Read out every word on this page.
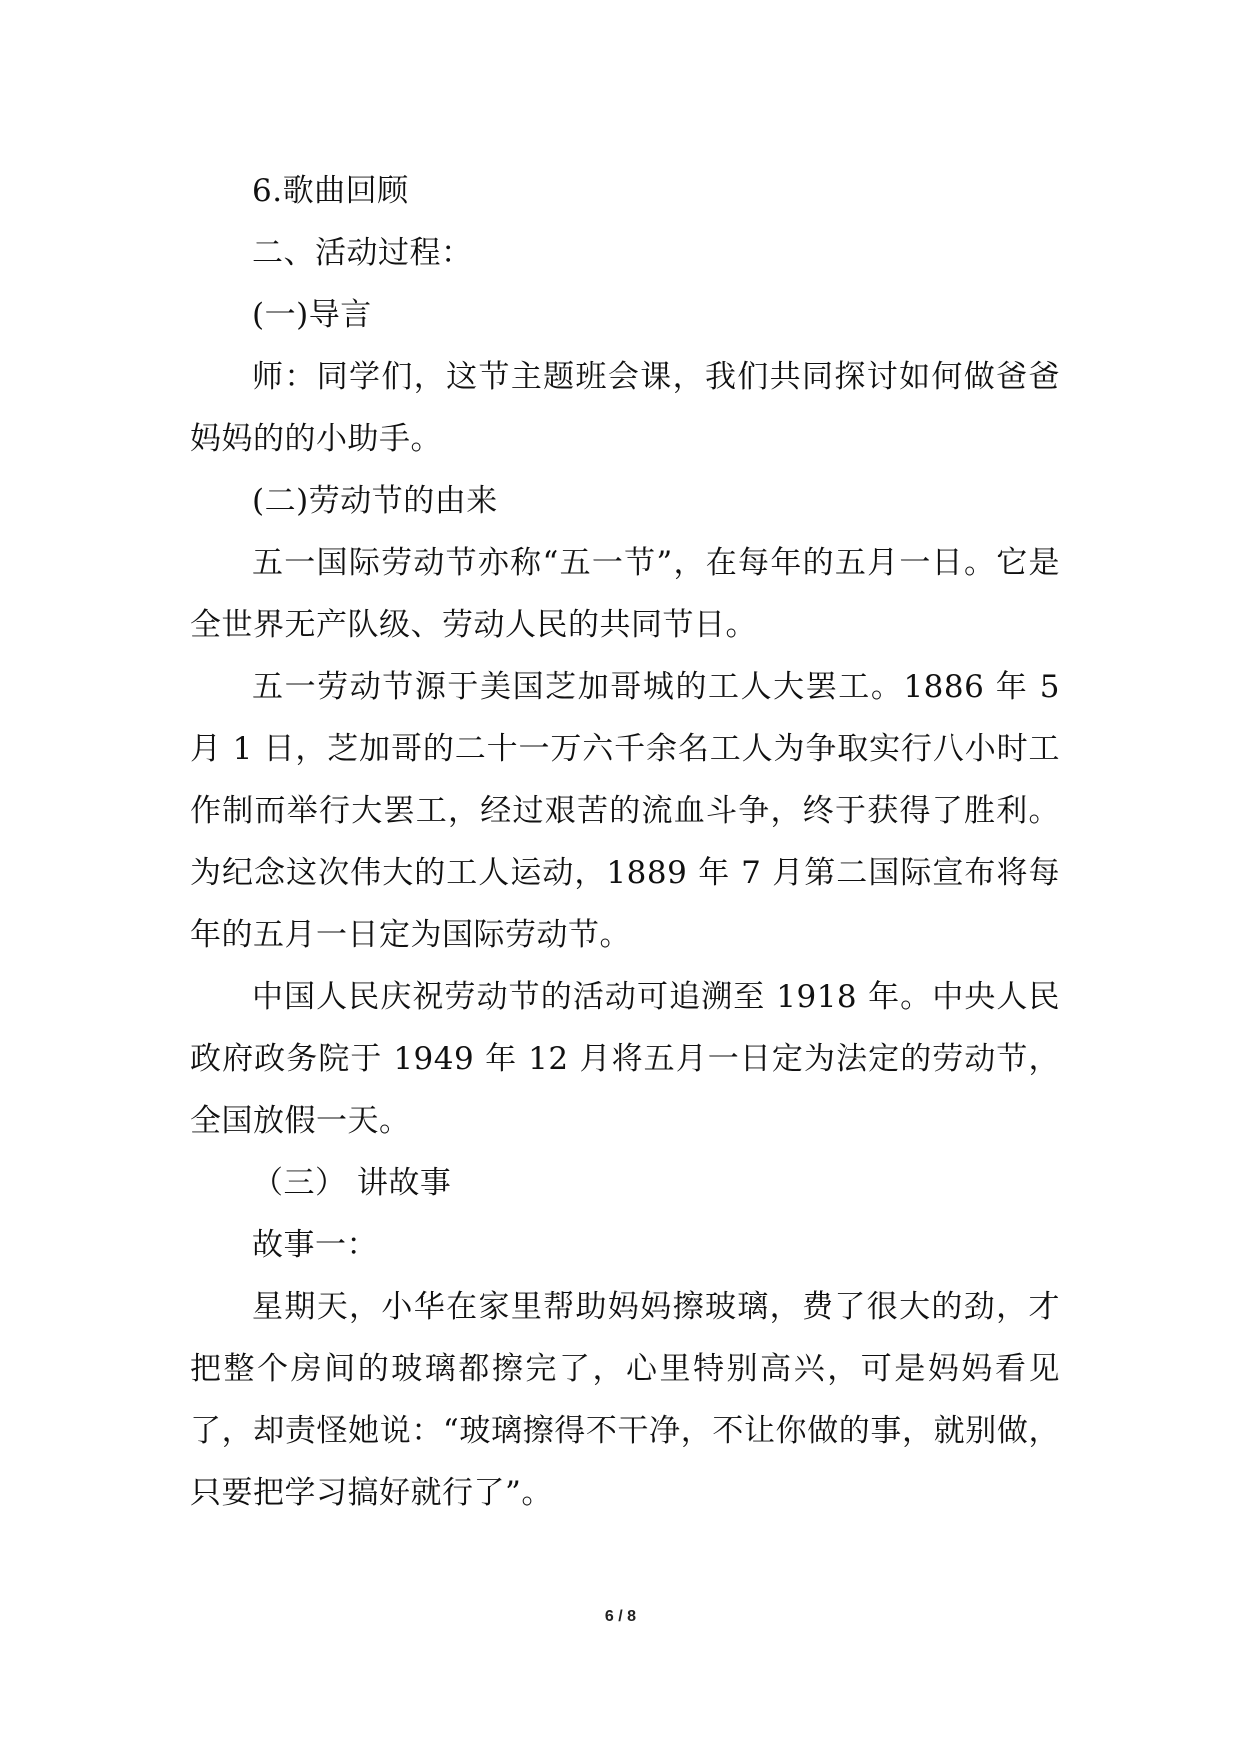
6.歌曲回顾

二、活动过程：

(一)导言

师：同学们，这节主题班会课，我们共同探讨如何做爸爸妈妈的的小助手。

(二)劳动节的由来

五一国际劳动节亦称“五一节”，在每年的五月一日。它是全世界无产队级、劳动人民的共同节日。

五一劳动节源于美国芝加哥城的工人大罢工。1886 年 5 月 1 日，芝加哥的二十一万六千余名工人为争取实行八小时工作制而举行大罢工，经过艰苦的流血斗争，终于获得了胜利。为纪念这次伟大的工人运动，1889 年 7 月第二国际宣布将每年的五月一日定为国际劳动节。

中国人民庆祝劳动节的活动可追溯至 1918 年。中央人民政府政务院于 1949 年 12 月将五月一日定为法定的劳动节，全国放假一天。

（三） 讲故事

故事一：

星期天，小华在家里帮助妈妈擦玻璃，费了很大的劲，才把整个房间的玻璃都擦完了，心里特别高兴，可是妈妈看见了，却责怪她说：“玻璃擦得不干净，不让你做的事，就别做，只要把学习搞好就行了”。

6 / 8
